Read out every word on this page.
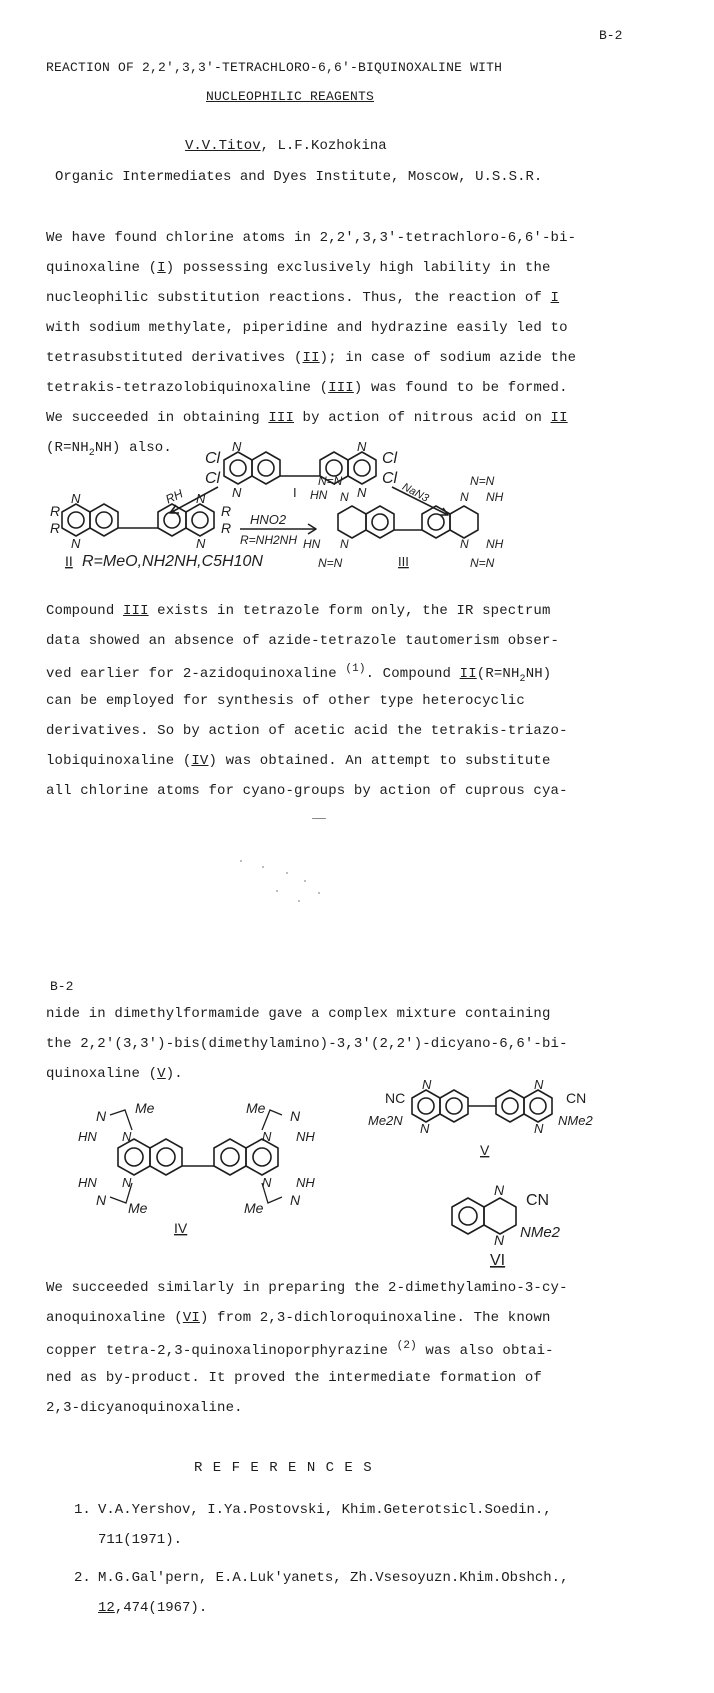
B-2
REACTION OF 2,2',3,3'-TETRACHLORO-6,6'-BIQUINOXALINE WITH
NUCLEOPHILIC REAGENTS
V.V.Titov, L.F.Kozhokina
Organic Intermediates and Dyes Institute, Moscow, U.S.S.R.
We have found chlorine atoms in 2,2',3,3'-tetrachloro-6,6'-bi-
quinoxaline (I) possessing exclusively high lability in the
nucleophilic substitution reactions. Thus, the reaction of I
with sodium methylate, piperidine and hydrazine easily led to
tetrasubstituted derivatives (II); in case of sodium azide the
tetrakis-tetrazolobiquinoxaline (III) was found to be formed.
We succeeded in obtaining III by action of nitrous acid on II
$(R=NH_2NH)$ also.
Cl
Cl
N
N
N
N
Cl
Cl
I
RH	NaN3
R
R
N
N
N
N
R
R
HNO2
R=NH2NH
N=N
HN N
HN N
N=N
N=N
N NH
N NH
N=N
II R=MeO,NH2NH,C5H10N	III
Compound III exists in tetrazole form only, the IR spectrum
data showed an absence of azide-tetrazole tautomerism obser-
ved earlier for 2-azidoquinoxaline $^{(1)}$. Compound $II(R=NH_2NH)$
can be employed for synthesis of other type heterocyclic
derivatives. So by action of acetic acid the tetrakis-triazo-
lobiquinoxaline (IV) was obtained. An attempt to substitute
all chlorine atoms for cyano-groups by action of cuprous cya-
B-2
nide in dimethylformamide gave a complex mixture containing
the 2,2'(3,3')-bis(dimethylamino)-3,3'(2,2')-dicyano-6,6'-bi-
quinoxaline (V).
N Me
HN N
HN N
N Me
Me N
N NH
N NH
Me N
IV
NC
Me2N
N
N
N
N
CN
NMe2
V
N
N
CN
NMe2
VI
We succeeded similarly in preparing the 2-dimethylamino-3-cy-
anoquinoxaline (VI) from 2,3-dichloroquinoxaline. The known
copper tetra-2,3-quinoxalinoporphyrazine $^{(2)}$ was also obtai-
ned as by-product. It proved the intermediate formation of
2,3-dicyanoquinoxaline.
R E F E R E N C E S
1. V.A.Yershov, I.Ya.Postovski, Khim.Geterotsicl.Soedin.,
711(1971).
2. M.G.Gal'pern, E.A.Luk'yanets, Zh.Vsesoyuzn.Khim.Obshch.,
12,474(1967).
